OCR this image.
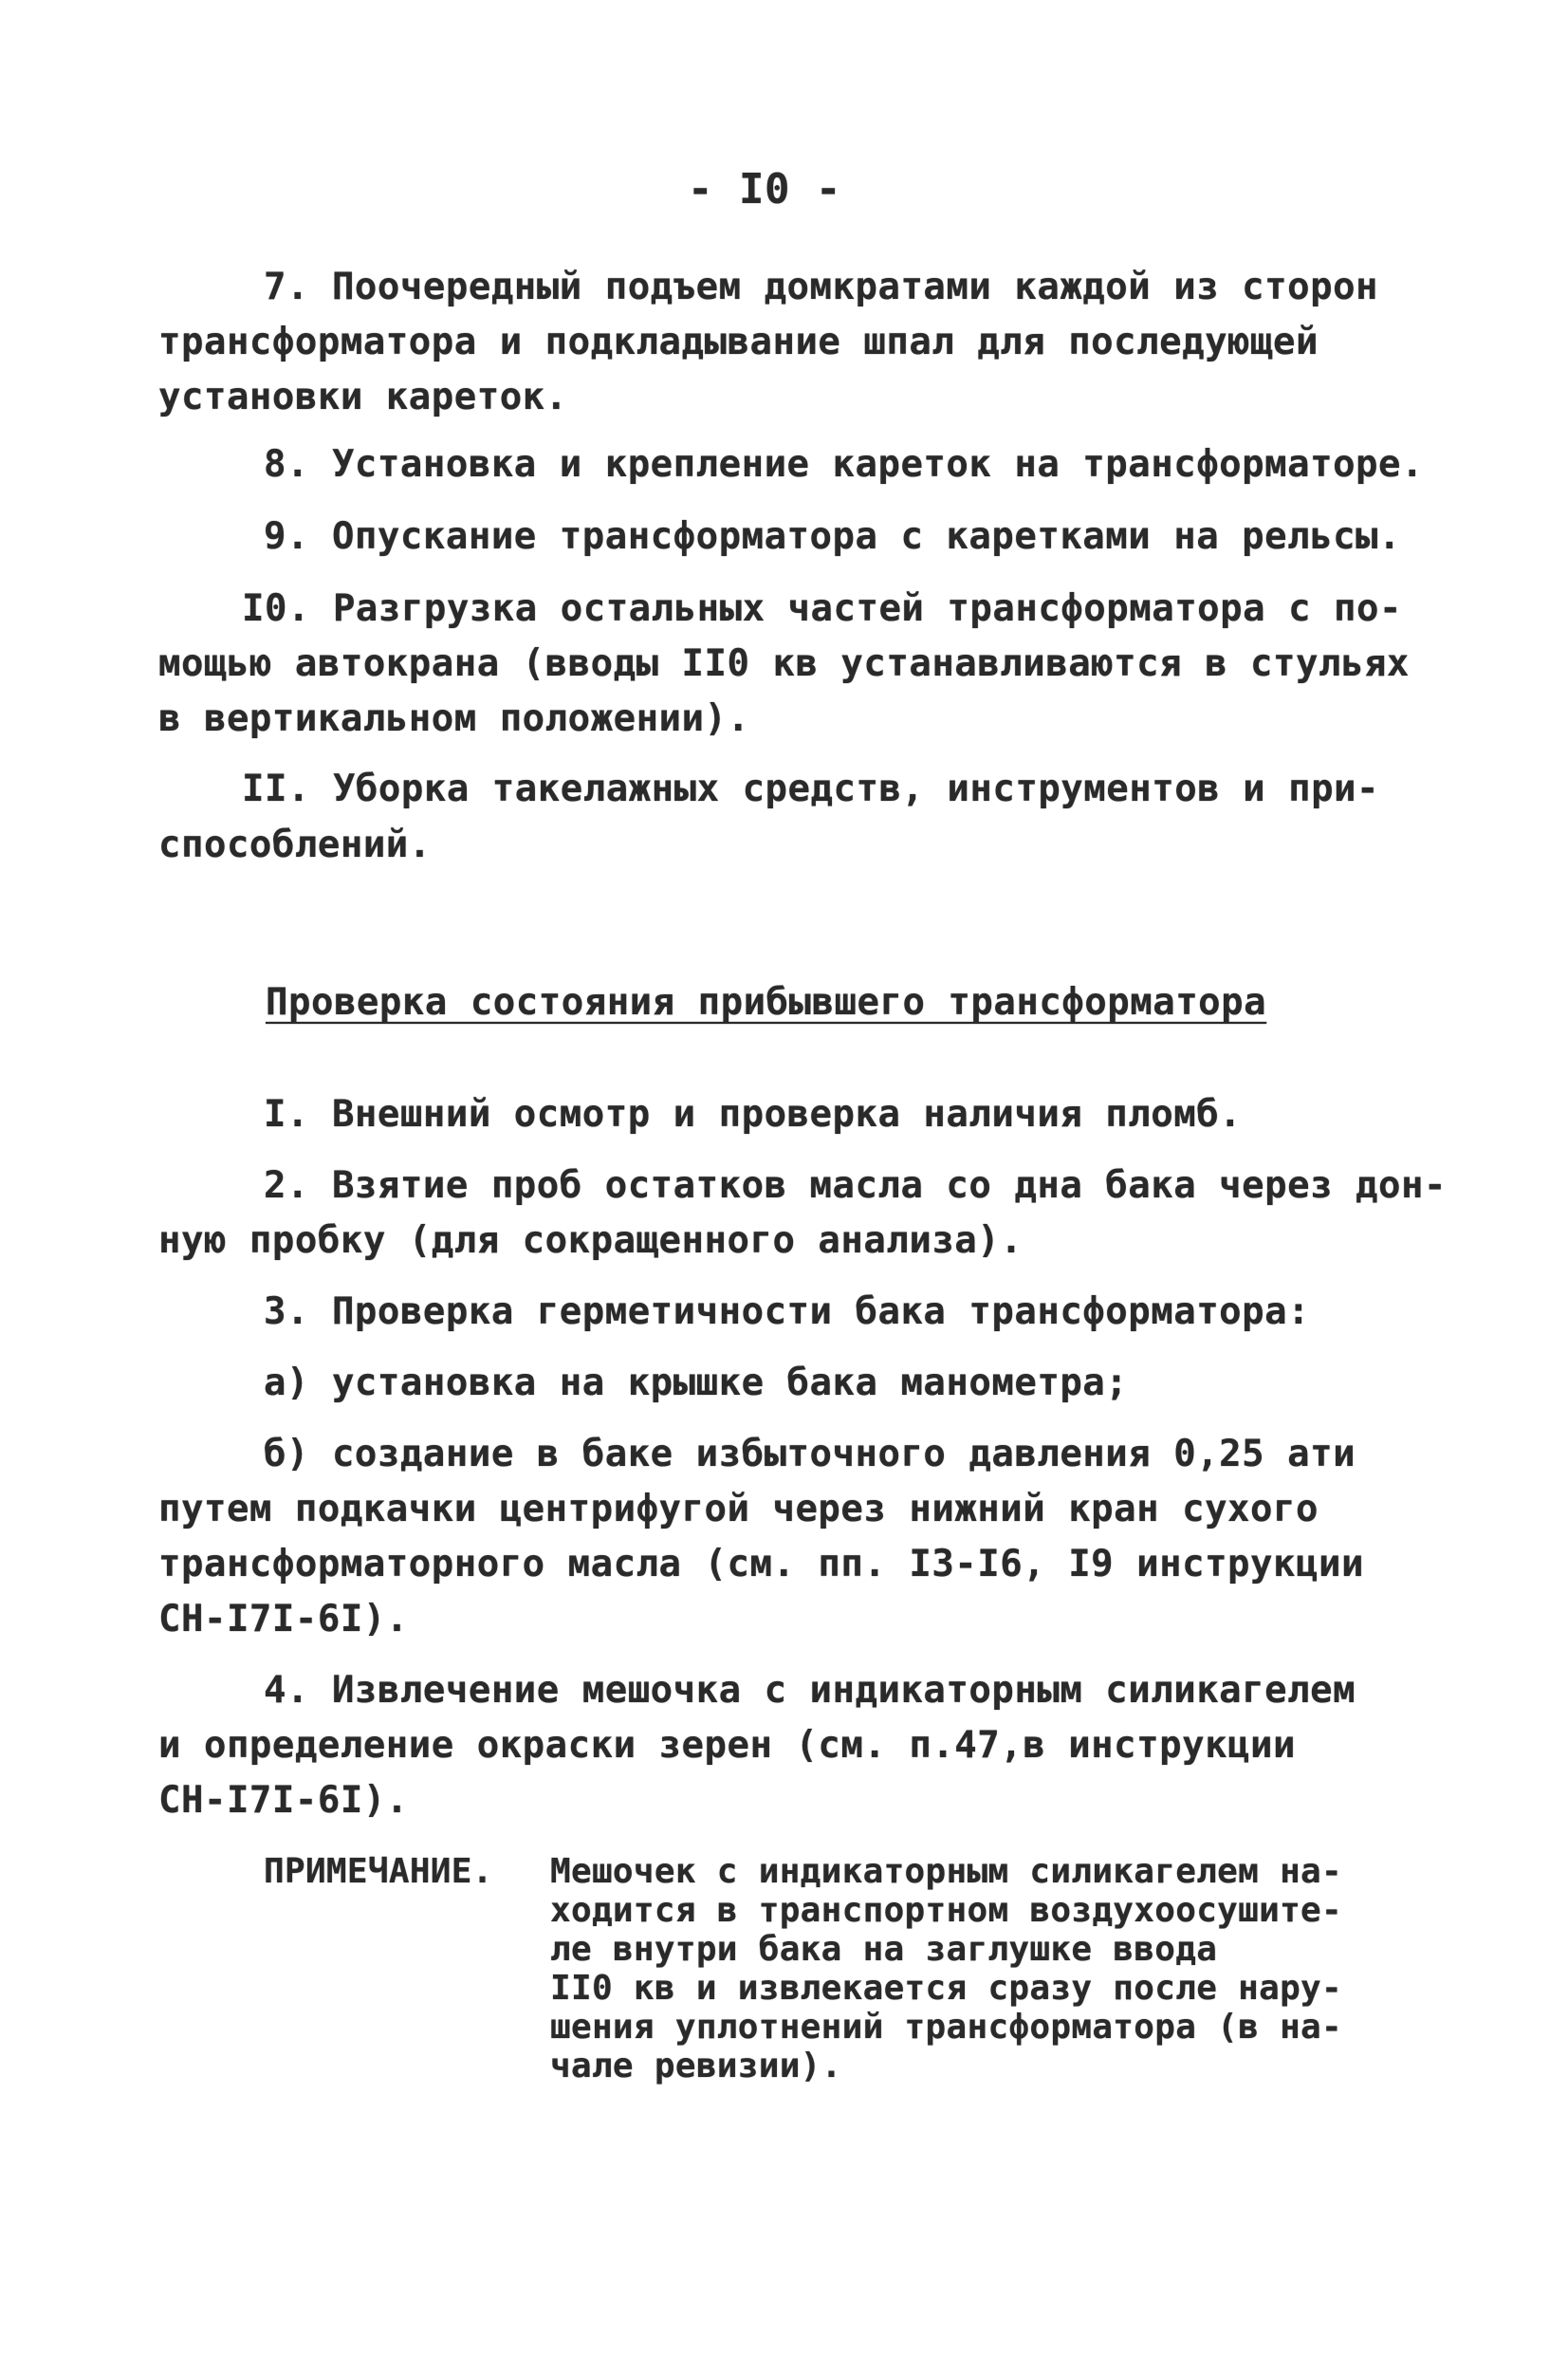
- I0 -
7. Поочередный подъем домкратами каждой из сторон
трансформатора и подкладывание шпал для последующей
установки кареток.
8. Установка и крепление кареток на трансформаторе.
9. Опускание трансформатора с каретками на рельсы.
I0. Разгрузка остальных частей трансформатора с по-
мощью автокрана (вводы II0 кв устанавливаются в стульях
в вертикальном положении).
II. Уборка такелажных средств, инструментов и при-
способлений.
Проверка состояния прибывшего трансформатора
I. Внешний осмотр и проверка наличия пломб.
2. Взятие проб остатков масла со дна бака через дон-
ную пробку (для сокращенного анализа).
3. Проверка герметичности бака трансформатора:
а) установка на крышке бака манометра;
б) создание в баке избыточного давления 0,25 ати
путем подкачки центрифугой через нижний кран сухого
трансформаторного масла (см. пп. I3-I6, I9 инструкции
СН-I7I-6I).
4. Извлечение мешочка с индикаторным силикагелем
и определение окраски зерен (см. п.47,в инструкции
СН-I7I-6I).
ПРИМЕЧАНИЕ. Мешочек с индикаторным силикагелем на-
ходится в транспортном воздухоосушите-
ле внутри бака на заглушке ввода
II0 кв и извлекается сразу после нару-
шения уплотнений трансформатора (в на-
чале ревизии).
